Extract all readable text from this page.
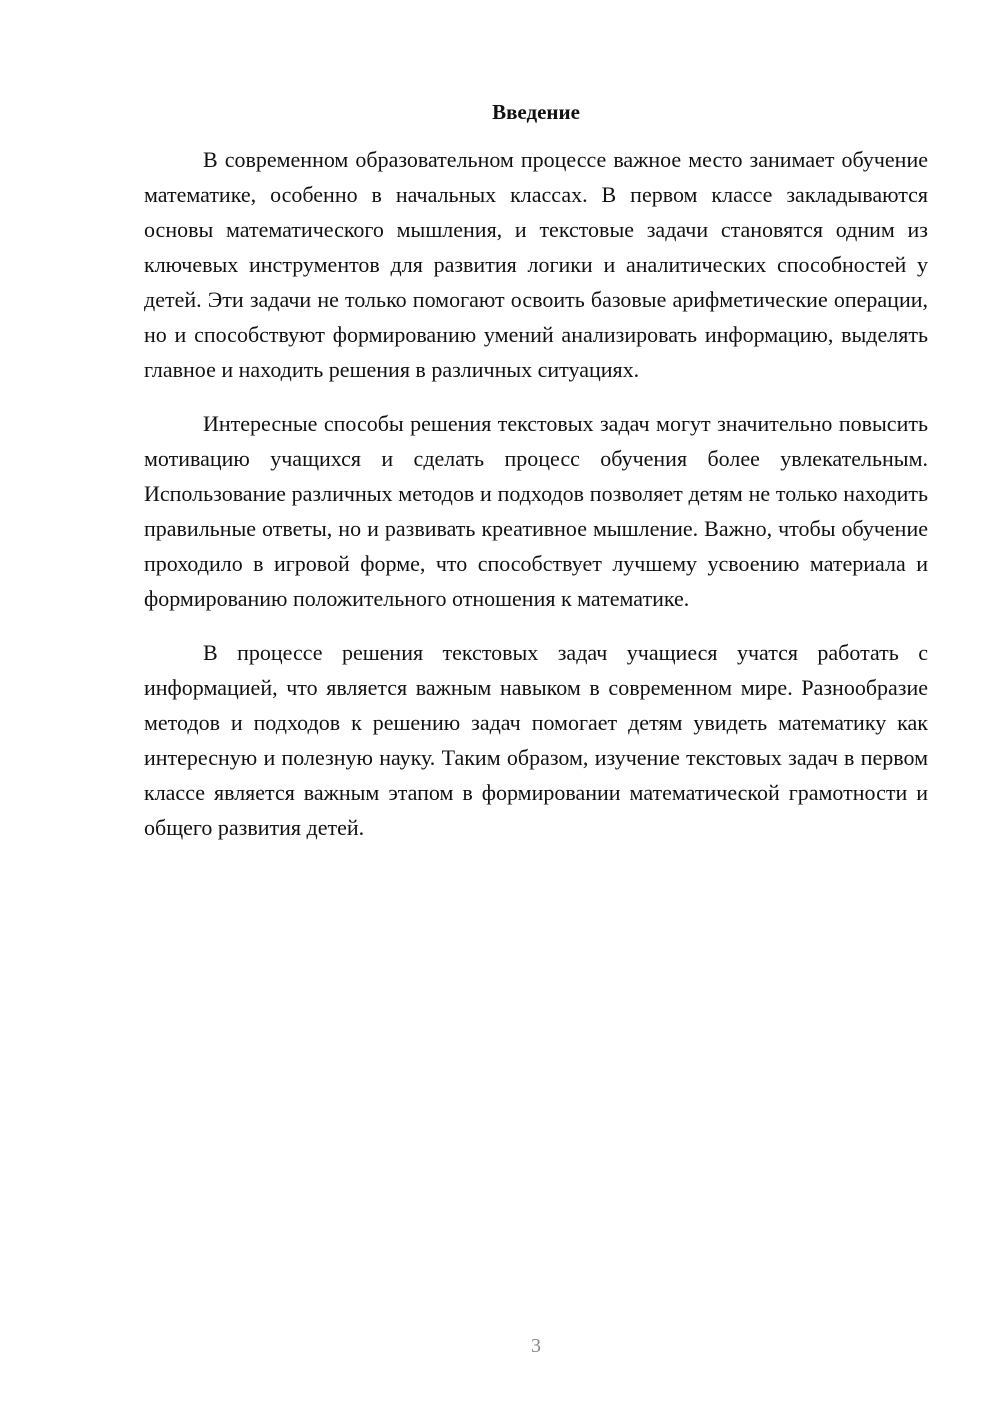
Введение

В современном образовательном процессе важное место занимает обучение математике, особенно в начальных классах. В первом классе закладываются основы математического мышления, и текстовые задачи становятся одним из ключевых инструментов для развития логики и аналитических способностей у детей. Эти задачи не только помогают освоить базовые арифметические операции, но и способствуют формированию умений анализировать информацию, выделять главное и находить решения в различных ситуациях.

Интересные способы решения текстовых задач могут значительно повысить мотивацию учащихся и сделать процесс обучения более увлекательным. Использование различных методов и подходов позволяет детям не только находить правильные ответы, но и развивать креативное мышление. Важно, чтобы обучение проходило в игровой форме, что способствует лучшему усвоению материала и формированию положительного отношения к математике.

В процессе решения текстовых задач учащиеся учатся работать с информацией, что является важным навыком в современном мире. Разнообразие методов и подходов к решению задач помогает детям увидеть математику как интересную и полезную науку. Таким образом, изучение текстовых задач в первом классе является важным этапом в формировании математической грамотности и общего развития детей.

3
